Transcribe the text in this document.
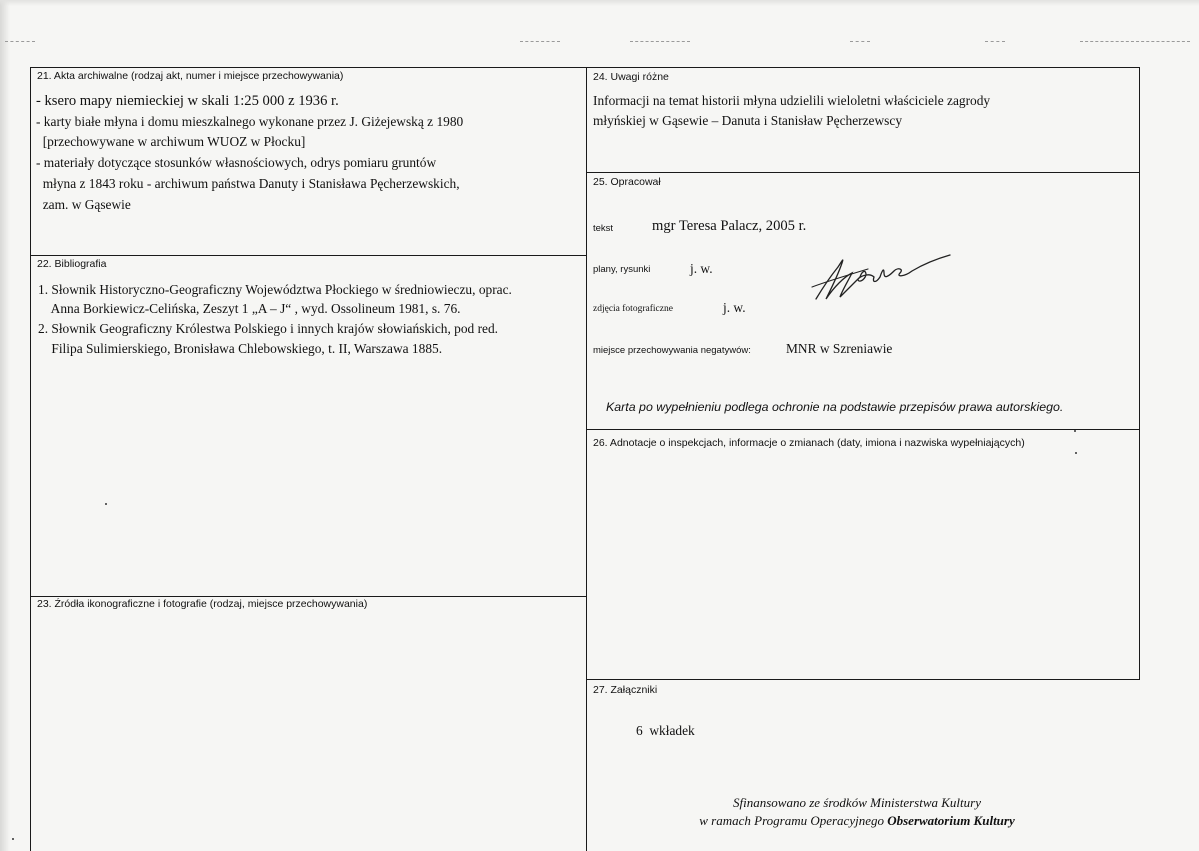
21. Akta archiwalne (rodzaj akt, numer i miejsce przechowywania)
- ksero mapy niemieckiej w skali 1:25 000 z 1936 r.
- karty białe młyna i domu mieszkalnego wykonane przez J. Giżejewską z 1980
[przechowywane w archiwum WUOZ w Płocku]
- materiały dotyczące stosunków własnościowych, odrys pomiaru gruntów
młyna z 1843 roku - archiwum państwa Danuty i Stanisława Pęcherzewskich,
zam. w Gąsewie
22. Bibliografia
1. Słownik Historyczno-Geograficzny Województwa Płockiego w średniowieczu, oprac.
Anna Borkiewicz-Celińska, Zeszyt 1 „A – J“ , wyd. Ossolineum 1981, s. 76.
2. Słownik Geograficzny Królestwa Polskiego i innych krajów słowiańskich, pod red.
Filipa Sulimierskiego, Bronisława Chlebowskiego, t. II, Warszawa 1885.
23. Źródła ikonograficzne i fotografie (rodzaj, miejsce przechowywania)
24. Uwagi różne
Informacji na temat historii młyna udzielili wieloletni właściciele zagrody
młyńskiej w Gąsewie – Danuta i Stanisław Pęcherzewscy
25. Opracował
tekst	mgr Teresa Palacz, 2005 r.
plany, rysunki	j. w.
zdjęcia fotograficzne	j. w.
miejsce przechowywania negatywów:	MNR w Szreniawie
Karta po wypełnieniu podlega ochronie na podstawie przepisów prawa autorskiego.
26. Adnotacje o inspekcjach, informacje o zmianach (daty, imiona i nazwiska wypełniających)
27. Załączniki
6  wkładek
Sfinansowano ze środków Ministerstwa Kultury
w ramach Programu Operacyjnego Obserwatorium Kultury
